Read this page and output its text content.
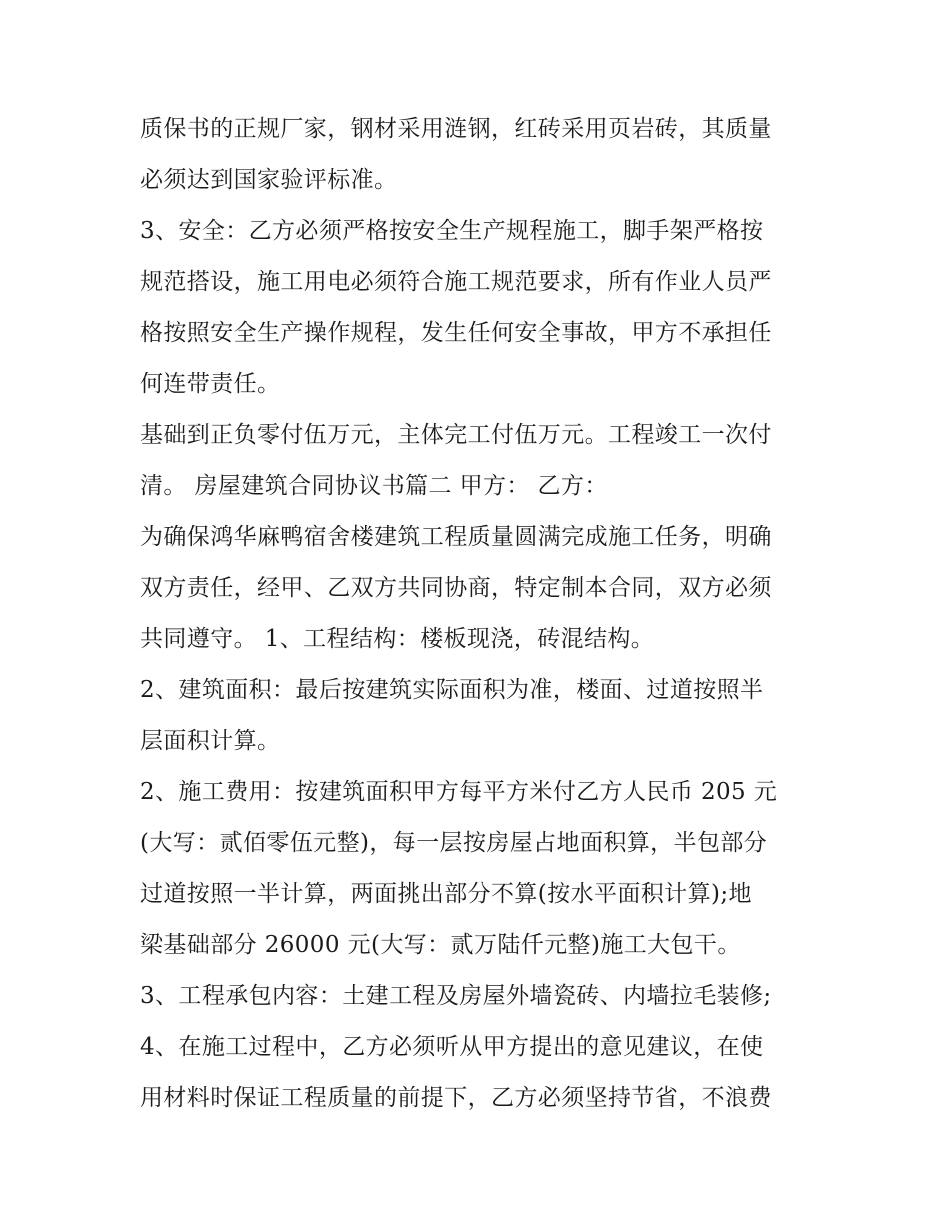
质保书的正规厂家，钢材采用涟钢，红砖采用页岩砖，其质量
必须达到国家验评标准。
3、安全：乙方必须严格按安全生产规程施工，脚手架严格按
规范搭设，施工用电必须符合施工规范要求，所有作业人员严
格按照安全生产操作规程，发生任何安全事故，甲方不承担任
何连带责任。
基础到正负零付伍万元，主体完工付伍万元。工程竣工一次付
清。 房屋建筑合同协议书篇二 甲方： 乙方：
为确保鸿华麻鸭宿舍楼建筑工程质量圆满完成施工任务，明确
双方责任，经甲、乙双方共同协商，特定制本合同，双方必须
共同遵守。 1、工程结构：楼板现浇，砖混结构。
2、建筑面积：最后按建筑实际面积为准，楼面、过道按照半
层面积计算。
2、施工费用：按建筑面积甲方每平方米付乙方人民币 205 元
(大写：贰佰零伍元整)，每一层按房屋占地面积算，半包部分
过道按照一半计算，两面挑出部分不算(按水平面积计算);地
梁基础部分 26000 元(大写：贰万陆仟元整)施工大包干。
3、工程承包内容：土建工程及房屋外墙瓷砖、内墙拉毛装修;
4、在施工过程中，乙方必须听从甲方提出的意见建议，在使
用材料时保证工程质量的前提下，乙方必须坚持节省，不浪费
